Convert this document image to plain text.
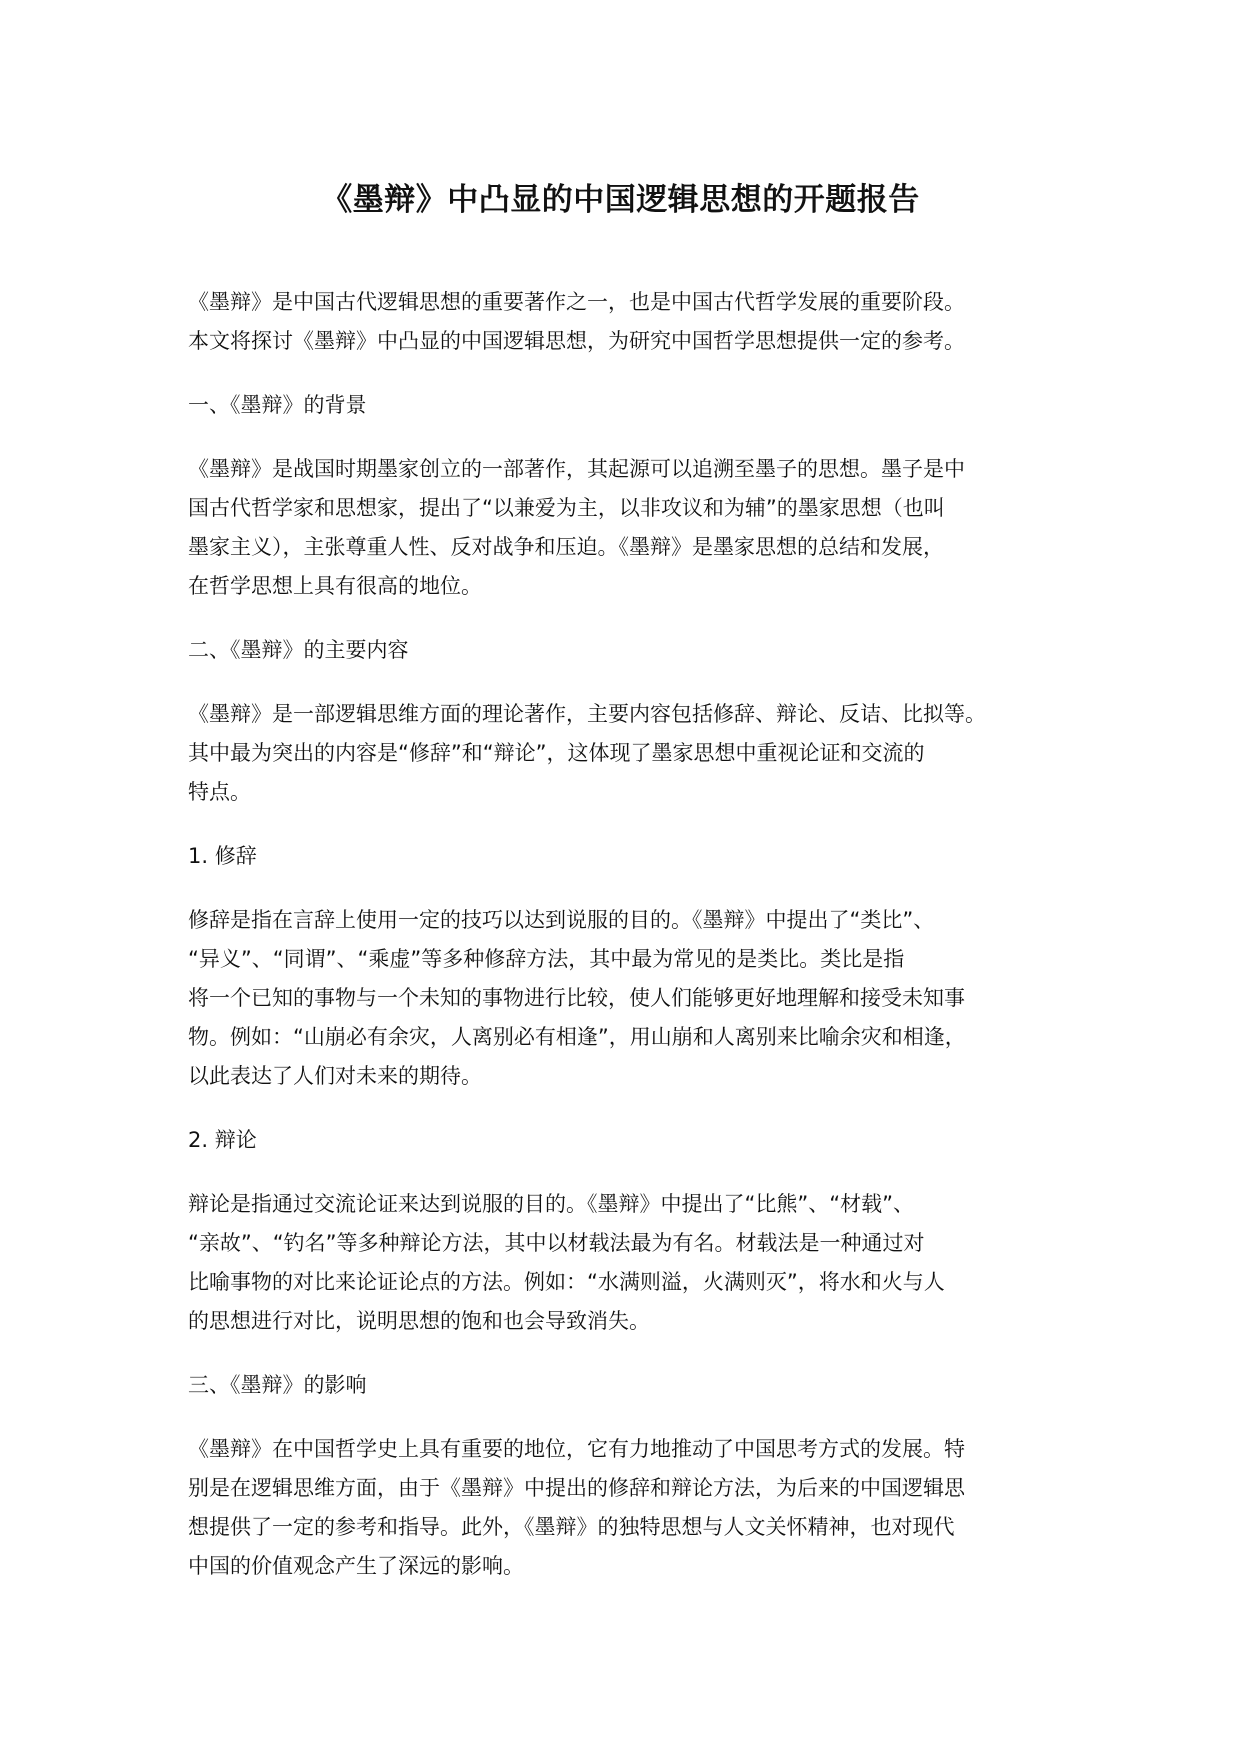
《墨辩》中凸显的中国逻辑思想的开题报告

《墨辩》是中国古代逻辑思想的重要著作之一，也是中国古代哲学发展的重要阶段。
本文将探讨《墨辩》中凸显的中国逻辑思想，为研究中国哲学思想提供一定的参考。

一、《墨辩》的背景

《墨辩》是战国时期墨家创立的一部著作，其起源可以追溯至墨子的思想。墨子是中
国古代哲学家和思想家，提出了“以兼爱为主，以非攻议和为辅”的墨家思想（也叫
墨家主义），主张尊重人性、反对战争和压迫。《墨辩》是墨家思想的总结和发展，
在哲学思想上具有很高的地位。

二、《墨辩》的主要内容

《墨辩》是一部逻辑思维方面的理论著作，主要内容包括修辞、辩论、反诘、比拟等。
其中最为突出的内容是“修辞”和“辩论”，这体现了墨家思想中重视论证和交流的
特点。

1. 修辞

修辞是指在言辞上使用一定的技巧以达到说服的目的。《墨辩》中提出了“类比”、
“异义”、“同谓”、“乘虚”等多种修辞方法，其中最为常见的是类比。类比是指
将一个已知的事物与一个未知的事物进行比较，使人们能够更好地理解和接受未知事
物。例如：“山崩必有余灾，人离别必有相逢”，用山崩和人离别来比喻余灾和相逢，
以此表达了人们对未来的期待。

2. 辩论

辩论是指通过交流论证来达到说服的目的。《墨辩》中提出了“比熊”、“材载”、
“亲故”、“钓名”等多种辩论方法，其中以材载法最为有名。材载法是一种通过对
比喻事物的对比来论证论点的方法。例如：“水满则溢，火满则灭”，将水和火与人
的思想进行对比，说明思想的饱和也会导致消失。

三、《墨辩》的影响

《墨辩》在中国哲学史上具有重要的地位，它有力地推动了中国思考方式的发展。特
别是在逻辑思维方面，由于《墨辩》中提出的修辞和辩论方法，为后来的中国逻辑思
想提供了一定的参考和指导。此外，《墨辩》的独特思想与人文关怀精神，也对现代
中国的价值观念产生了深远的影响。
